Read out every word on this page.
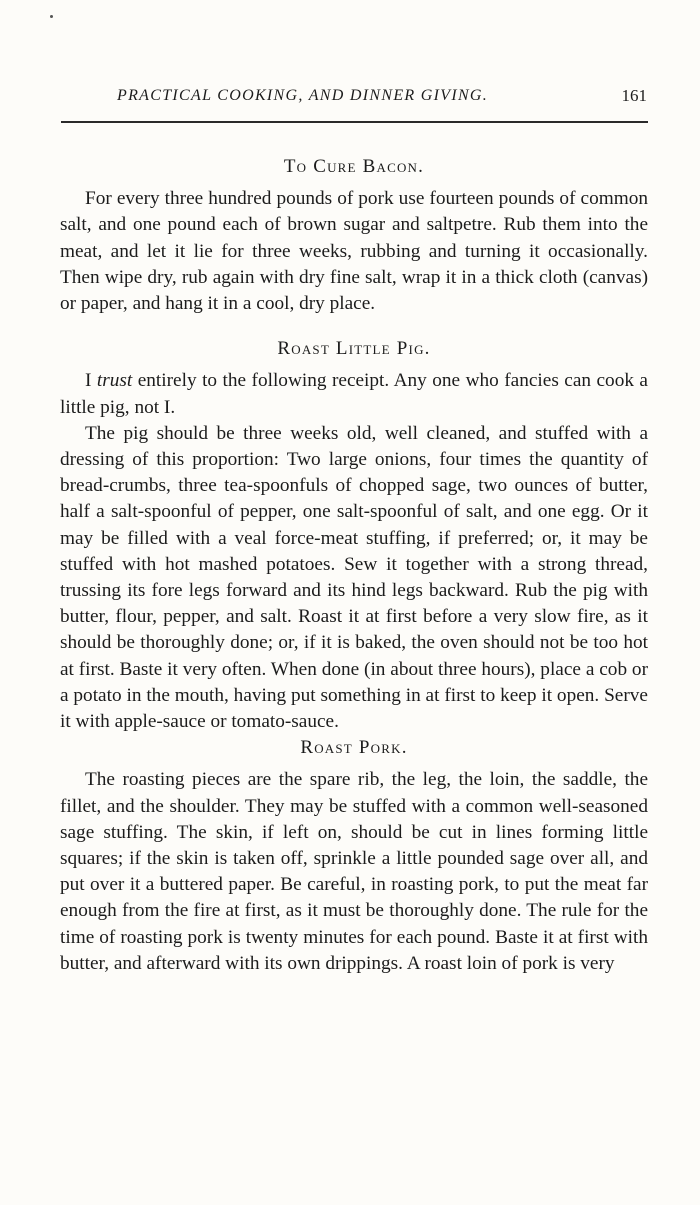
PRACTICAL COOKING, AND DINNER GIVING.	161
To Cure Bacon.

For every three hundred pounds of pork use fourteen pounds of common salt, and one pound each of brown sugar and saltpetre. Rub them into the meat, and let it lie for three weeks, rubbing and turning it occasionally. Then wipe dry, rub again with dry fine salt, wrap it in a thick cloth (canvas) or paper, and hang it in a cool, dry place.

Roast Little Pig.

I trust entirely to the following receipt. Any one who fancies can cook a little pig, not I.

The pig should be three weeks old, well cleaned, and stuffed with a dressing of this proportion: Two large onions, four times the quantity of bread-crumbs, three tea-spoonfuls of chopped sage, two ounces of butter, half a salt-spoonful of pepper, one salt-spoonful of salt, and one egg. Or it may be filled with a veal force-meat stuffing, if preferred; or, it may be stuffed with hot mashed potatoes. Sew it together with a strong thread, trussing its fore legs forward and its hind legs backward. Rub the pig with butter, flour, pepper, and salt. Roast it at first before a very slow fire, as it should be thoroughly done; or, if it is baked, the oven should not be too hot at first. Baste it very often. When done (in about three hours), place a cob or a potato in the mouth, having put something in at first to keep it open. Serve it with apple-sauce or tomato-sauce.

Roast Pork.

The roasting pieces are the spare rib, the leg, the loin, the saddle, the fillet, and the shoulder. They may be stuffed with a common well-seasoned sage stuffing. The skin, if left on, should be cut in lines forming little squares; if the skin is taken off, sprinkle a little pounded sage over all, and put over it a buttered paper. Be careful, in roasting pork, to put the meat far enough from the fire at first, as it must be thoroughly done. The rule for the time of roasting pork is twenty minutes for each pound. Baste it at first with butter, and afterward with its own drippings. A roast loin of pork is very
